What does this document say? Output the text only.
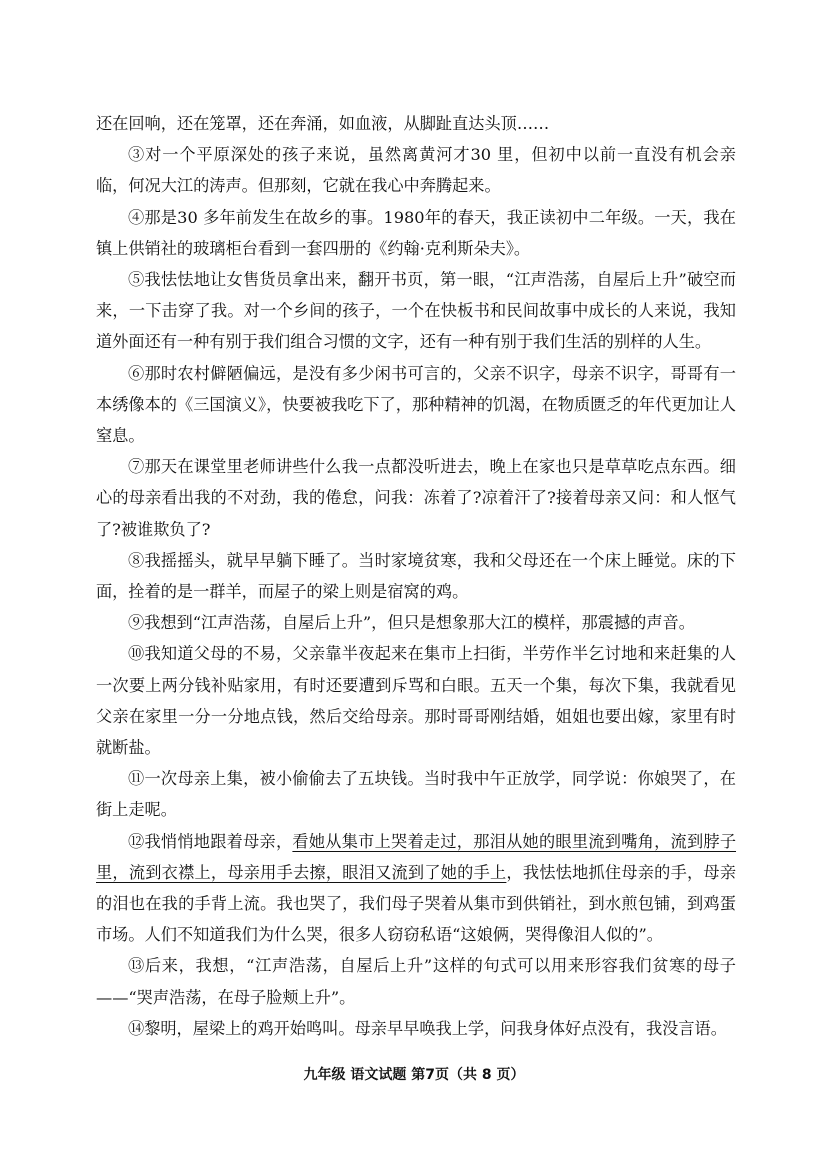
还在回响，还在笼罩，还在奔涌，如血液，从脚趾直达头顶……

③对一个平原深处的孩子来说，虽然离黄河才30 里，但初中以前一直没有机会亲临，何况大江的涛声。但那刻，它就在我心中奔腾起来。

④那是30 多年前发生在故乡的事。1980年的春天，我正读初中二年级。一天，我在镇上供销社的玻璃柜台看到一套四册的《约翰·克利斯朵夫》。

⑤我怯怯地让女售货员拿出来，翻开书页，第一眼，“江声浩荡，自屋后上升”破空而来，一下击穿了我。对一个乡间的孩子，一个在快板书和民间故事中成长的人来说，我知道外面还有一种有别于我们组合习惯的文字，还有一种有别于我们生活的别样的人生。

⑥那时农村僻陋偏远，是没有多少闲书可言的，父亲不识字，母亲不识字，哥哥有一本绣像本的《三国演义》，快要被我吃下了，那种精神的饥渴，在物质匮乏的年代更加让人窒息。

⑦那天在课堂里老师讲些什么我一点都没听进去，晚上在家也只是草草吃点东西。细心的母亲看出我的不对劲，我的倦怠，问我：冻着了?凉着汗了?接着母亲又问：和人怄气了?被谁欺负了?

⑧我摇摇头，就早早躺下睡了。当时家境贫寒，我和父母还在一个床上睡觉。床的下面，拴着的是一群羊，而屋子的梁上则是宿窝的鸡。

⑨我想到“江声浩荡，自屋后上升”，但只是想象那大江的模样，那震撼的声音。

⑩我知道父母的不易，父亲靠半夜起来在集市上扫街，半劳作半乞讨地和来赶集的人一次要上两分钱补贴家用，有时还要遭到斥骂和白眼。五天一个集，每次下集，我就看见父亲在家里一分一分地点钱，然后交给母亲。那时哥哥刚结婚，姐姐也要出嫁，家里有时就断盐。

⑪一次母亲上集，被小偷偷去了五块钱。当时我中午正放学，同学说：你娘哭了，在街上走呢。

⑫我悄悄地跟着母亲，看她从集市上哭着走过，那泪从她的眼里流到嘴角，流到脖子里，流到衣襟上，母亲用手去擦，眼泪又流到了她的手上，我怯怯地抓住母亲的手，母亲的泪也在我的手背上流。我也哭了，我们母子哭着从集市到供销社，到水煎包铺，到鸡蛋市场。人们不知道我们为什么哭，很多人窃窃私语“这娘俩，哭得像泪人似的”。

⑬后来，我想，“江声浩荡，自屋后上升”这样的句式可以用来形容我们贫寒的母子——“哭声浩荡，在母子脸颊上升”。

⑭黎明，屋梁上的鸡开始鸣叫。母亲早早唤我上学，问我身体好点没有，我没言语。

九年级 语文试题 第7页（共 8 页）
